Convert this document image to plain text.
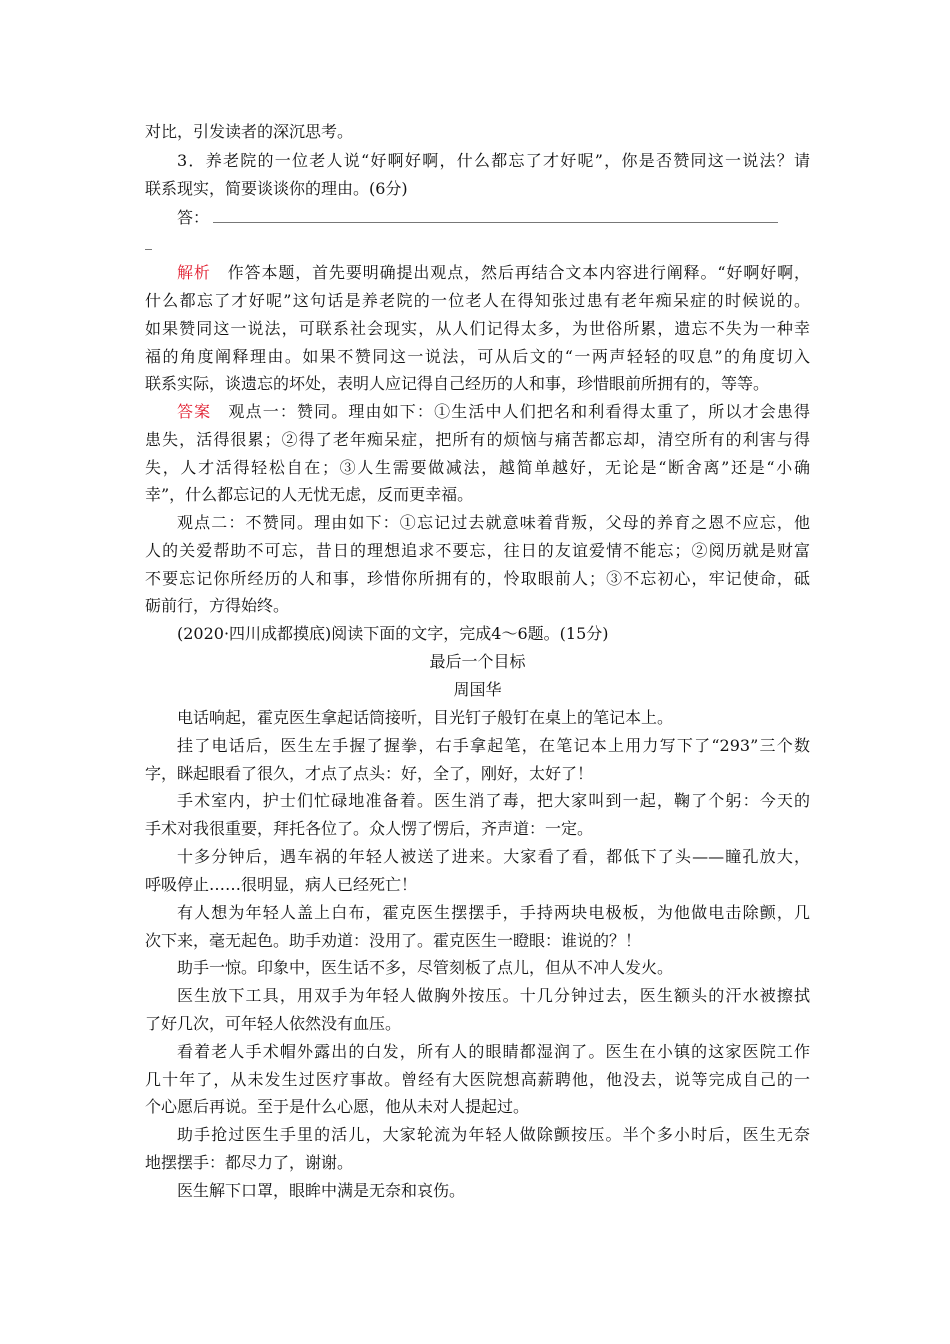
对比，引发读者的深沉思考。
3．养老院的一位老人说“好啊好啊，什么都忘了才好呢”，你是否赞同这一说法？请
联系现实，简要谈谈你的理由。(6分)
答：
解析　 作答本题，首先要明确提出观点，然后再结合文本内容进行阐释。“好啊好啊，
什么都忘了才好呢”这句话是养老院的一位老人在得知张过患有老年痴呆症的时候说的。
如果赞同这一说法，可联系社会现实，从人们记得太多，为世俗所累，遗忘不失为一种幸
福的角度阐释理由。如果不赞同这一说法，可从后文的“一两声轻轻的叹息”的角度切入
联系实际，谈遗忘的坏处，表明人应记得自己经历的人和事，珍惜眼前所拥有的，等等。
答案　 观点一：赞同。理由如下：①生活中人们把名和利看得太重了，所以才会患得
患失，活得很累；②得了老年痴呆症，把所有的烦恼与痛苦都忘却，清空所有的利害与得
失，人才活得轻松自在；③人生需要做减法，越简单越好，无论是“断舍离”还是“小确
幸”，什么都忘记的人无忧无虑，反而更幸福。
观点二：不赞同。理由如下：①忘记过去就意味着背叛，父母的养育之恩不应忘，他
人的关爱帮助不可忘，昔日的理想追求不要忘，往日的友谊爱情不能忘；②阅历就是财富
不要忘记你所经历的人和事，珍惜你所拥有的，怜取眼前人；③不忘初心，牢记使命，砥
砺前行，方得始终。
(2020·四川成都摸底)阅读下面的文字，完成4～6题。(15分)
最后一个目标
周国华
电话响起，霍克医生拿起话筒接听，目光钉子般钉在桌上的笔记本上。
挂了电话后，医生左手握了握拳，右手拿起笔，在笔记本上用力写下了“293”三个数
字，眯起眼看了很久，才点了点头：好，全了，刚好，太好了！
手术室内，护士们忙碌地准备着。医生消了毒，把大家叫到一起，鞠了个躬：今天的
手术对我很重要，拜托各位了。众人愣了愣后，齐声道：一定。
十多分钟后，遇车祸的年轻人被送了进来。大家看了看，都低下了头——瞳孔放大，
呼吸停止……很明显，病人已经死亡！
有人想为年轻人盖上白布，霍克医生摆摆手，手持两块电极板，为他做电击除颤，几
次下来，毫无起色。助手劝道：没用了。霍克医生一瞪眼：谁说的？！
助手一惊。印象中，医生话不多，尽管刻板了点儿，但从不冲人发火。
医生放下工具，用双手为年轻人做胸外按压。十几分钟过去，医生额头的汗水被擦拭
了好几次，可年轻人依然没有血压。
看着老人手术帽外露出的白发，所有人的眼睛都湿润了。医生在小镇的这家医院工作
几十年了，从未发生过医疗事故。曾经有大医院想高薪聘他，他没去，说等完成自己的一
个心愿后再说。至于是什么心愿，他从未对人提起过。
助手抢过医生手里的活儿，大家轮流为年轻人做除颤按压。半个多小时后，医生无奈
地摆摆手：都尽力了，谢谢。
医生解下口罩，眼眸中满是无奈和哀伤。
